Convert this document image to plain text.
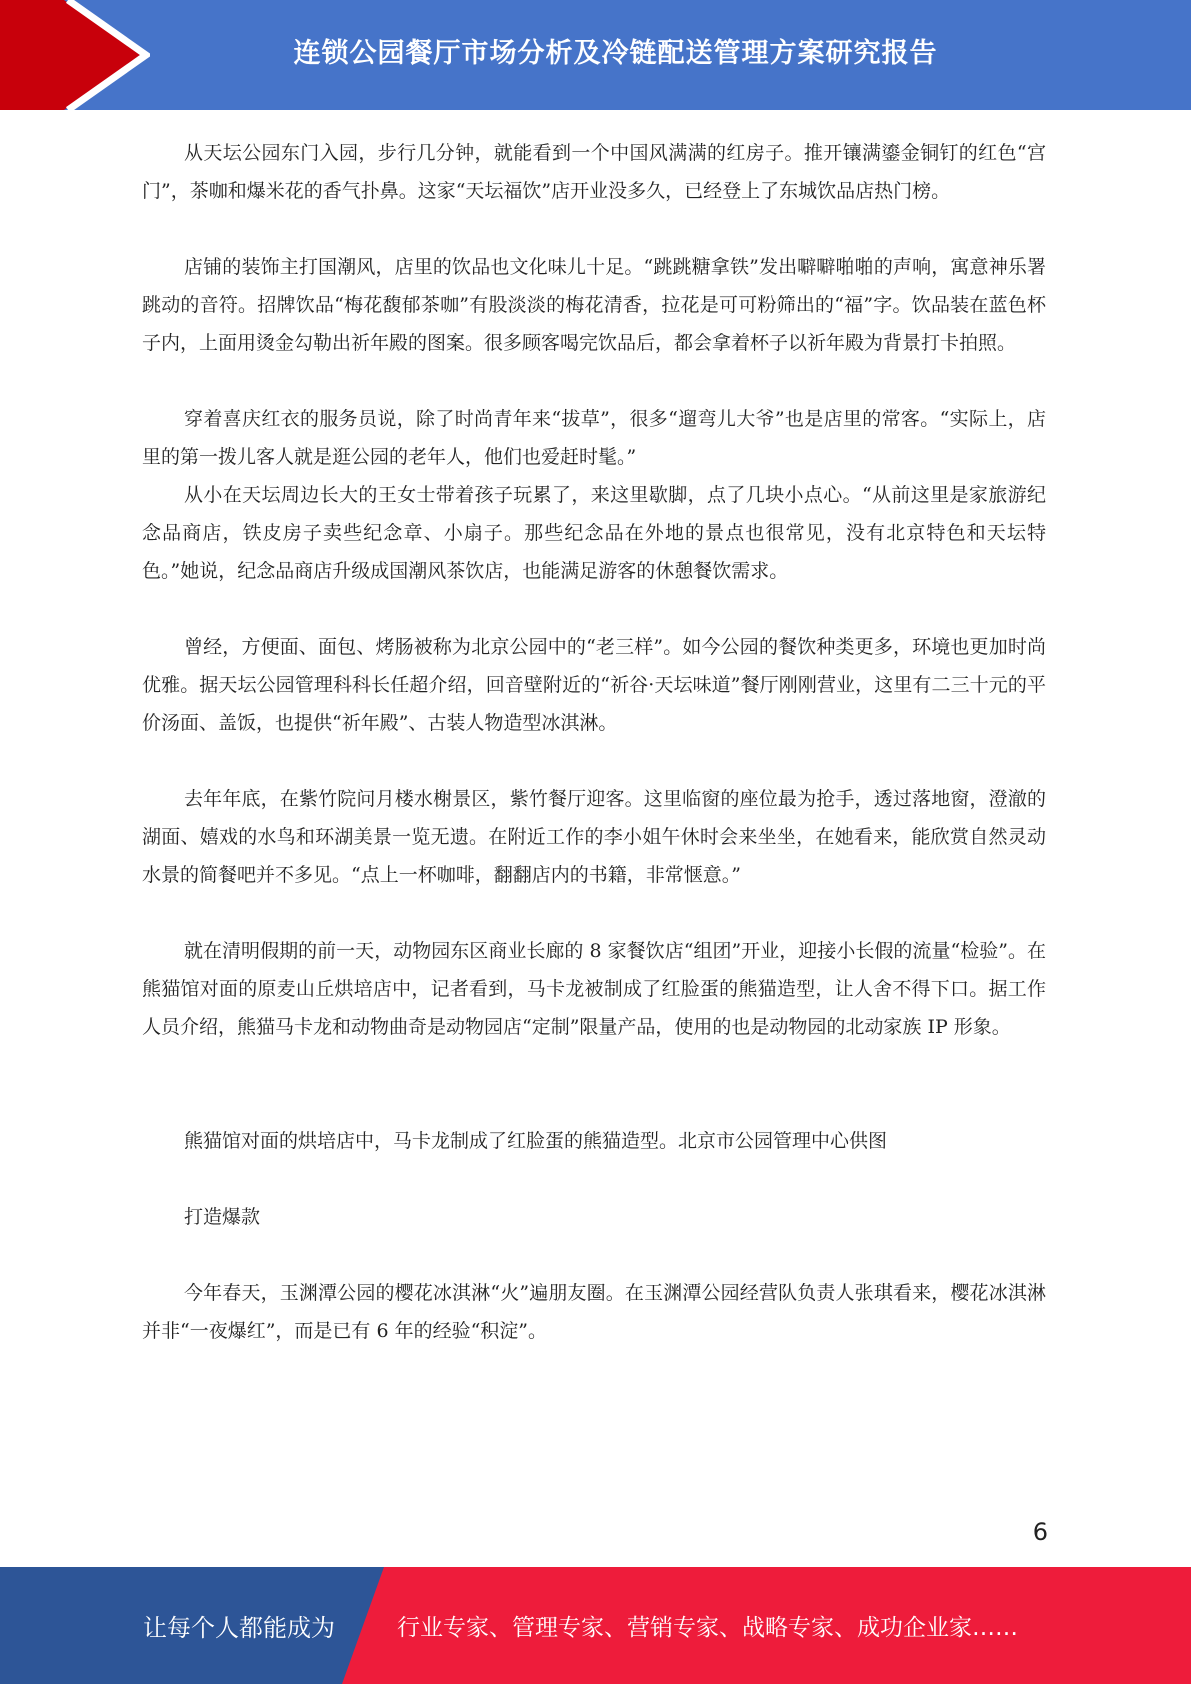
连锁公园餐厅市场分析及冷链配送管理方案研究报告

从天坛公园东门入园，步行几分钟，就能看到一个中国风满满的红房子。推开镶满鎏金铜钉的红色“宫门”，茶咖和爆米花的香气扑鼻。这家“天坛福饮”店开业没多久，已经登上了东城饮品店热门榜。

店铺的装饰主打国潮风，店里的饮品也文化味儿十足。“跳跳糖拿铁”发出噼噼啪啪的声响，寓意神乐署跳动的音符。招牌饮品“梅花馥郁茶咖”有股淡淡的梅花清香，拉花是可可粉筛出的“福”字。饮品装在蓝色杯子内，上面用烫金勾勒出祈年殿的图案。很多顾客喝完饮品后，都会拿着杯子以祈年殿为背景打卡拍照。

穿着喜庆红衣的服务员说，除了时尚青年来“拔草”，很多“遛弯儿大爷”也是店里的常客。“实际上，店里的第一拨儿客人就是逛公园的老年人，他们也爱赶时髦。”

从小在天坛周边长大的王女士带着孩子玩累了，来这里歇脚，点了几块小点心。“从前这里是家旅游纪念品商店，铁皮房子卖些纪念章、小扇子。那些纪念品在外地的景点也很常见，没有北京特色和天坛特色。”她说，纪念品商店升级成国潮风茶饮店，也能满足游客的休憩餐饮需求。

曾经，方便面、面包、烤肠被称为北京公园中的“老三样”。如今公园的餐饮种类更多，环境也更加时尚优雅。据天坛公园管理科科长任超介绍，回音壁附近的“祈谷·天坛味道”餐厅刚刚营业，这里有二三十元的平价汤面、盖饭，也提供“祈年殿”、古装人物造型冰淇淋。

去年年底，在紫竹院问月楼水榭景区，紫竹餐厅迎客。这里临窗的座位最为抢手，透过落地窗，澄澈的湖面、嬉戏的水鸟和环湖美景一览无遗。在附近工作的李小姐午休时会来坐坐，在她看来，能欣赏自然灵动水景的简餐吧并不多见。“点上一杯咖啡，翻翻店内的书籍，非常惬意。”

就在清明假期的前一天，动物园东区商业长廊的 8 家餐饮店“组团”开业，迎接小长假的流量“检验”。在熊猫馆对面的原麦山丘烘培店中，记者看到，马卡龙被制成了红脸蛋的熊猫造型，让人舍不得下口。据工作人员介绍，熊猫马卡龙和动物曲奇是动物园店“定制”限量产品，使用的也是动物园的北动家族 IP 形象。

熊猫馆对面的烘培店中，马卡龙制成了红脸蛋的熊猫造型。北京市公园管理中心供图

打造爆款

今年春天，玉渊潭公园的樱花冰淇淋“火”遍朋友圈。在玉渊潭公园经营队负责人张琪看来，樱花冰淇淋并非“一夜爆红”，而是已有 6 年的经验“积淀”。

6
让每个人都能成为	行业专家、管理专家、营销专家、战略专家、成功企业家……
